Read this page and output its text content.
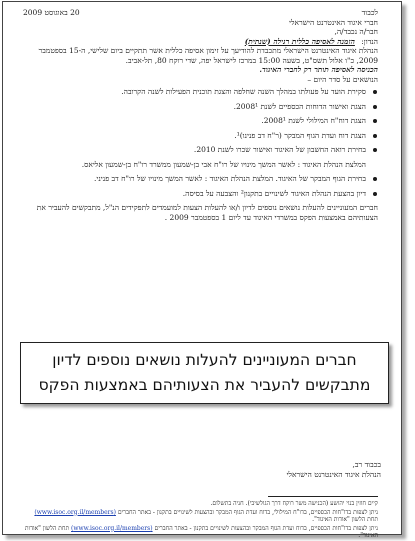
לכבוד

חברי איגוד האינטרנט הישראלי

20 באוגוסט 2009

חבר/ה נכבד/ה,

הנדון: הזמנה לאסיפה כללית רגילה (שנתית)

הנהלת איגוד האינטרנט הישראלי מתכבדת להודיעך על זימון אסיפה כללית אשר תתקיים ביום שלישי, ה-15 בספטמבר 2009, כ"ו אלול תשס"ט, בשעה 15:00 במרכז לישראל יפה, שדי רוקח 80, תל-אביב.

הכניסה לאסיפה תותר רק לחברי האיגוד.

הנושאים על סדר היום –

סקירת הועד על פעולתו במהלך השנה שחלפה והצגת תוכנית הפעילות לשנה הקרובה.
הצגת ואישור הדוחות הכספיים לשנת 2008¹.
הצגת דוח"ח המילולי לשנת 2008¹.
הצגת דוח ועדת הגוף המבקר (ר"ח דב פנינו)¹.
בחירת רואה החשבון של האיגוד ואישור שכרו לשנת 2010.
המלצת הנהלת האיגוד : לאשר המשך מינויו של רו"ח אבי בן-שמעון ממשרד רו"ח בן-שמעון אליאס.
בחירת הגוף המבקר של האיגוד. המלצת הנהלת האיגוד : לאשר המשך מינויו של רו"ח דב פניני.
דיון בהצעת הנהלת האיגוד לשינויים בתקנון² והצבעה על בסיסה.

חברים המעוניינים להעלות נושאים נוספים לדיון ו/או להעלות הצעות למועמדים לתפקידים הנ"ל, מתבקשים להעביר את הצעותיהם באמצעות הפקס במשרדי האיגוד עד ליום 1 בספטמבר 2009 .

בכבוד רב,

הנהלת איגוד האינטרנט הישראלי

קיים חוזין בנוי יהושע (הכנישה משר רוקח דרך הגולשיבי). חניה בתשלום.

ניתן לצפות בדו"חות הכספיים, בדו"ח המילולי, בדוח ועדת הגוף המבקר ובהצעות לשינויים בתקנון - באתר החברים (www.isoc.org.il/members) תחת הלשון "אודות האיגוד".

ניתן לצפות בדו"חות הכספיים, בדוח ועדת הגוף המבקר ובהצעות לשינויים בתקנון - באתר החברים (www.isoc.org.il/members) תחת הלשון "אודות האיגוד".

חברים המעוניינים להעלות נושאים נוספים לדיון

מתבקשים להעביר את הצעותיהם באמצעות הפקס
